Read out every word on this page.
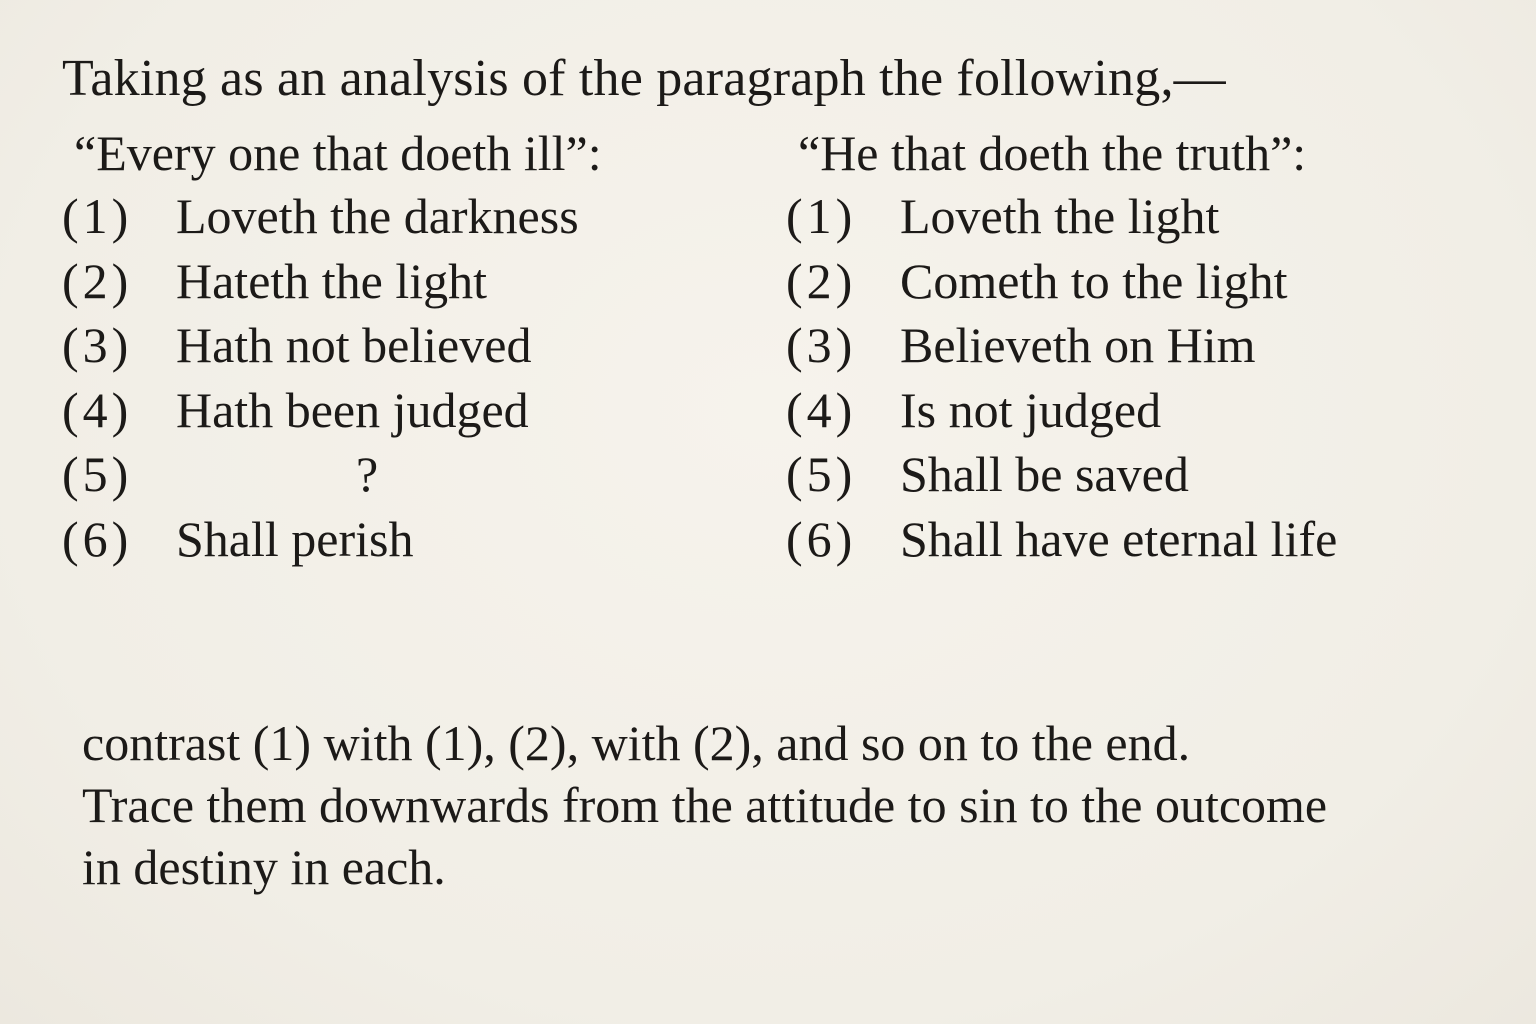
Taking as an analysis of the paragraph the following,—
“Every one that doeth ill”:
(1) Loveth the darkness
(2) Hateth the light
(3) Hath not believed
(4) Hath been judged
(5)	?
(6) Shall perish
“He that doeth the truth”:
(1) Loveth the light
(2) Cometh to the light
(3) Believeth on Him
(4) Is not judged
(5) Shall be saved
(6) Shall have eternal life

contrast (1) with (1), (2), with (2), and so on to the end.

Trace them downwards from the attitude to sin to the outcome

in destiny in each.
